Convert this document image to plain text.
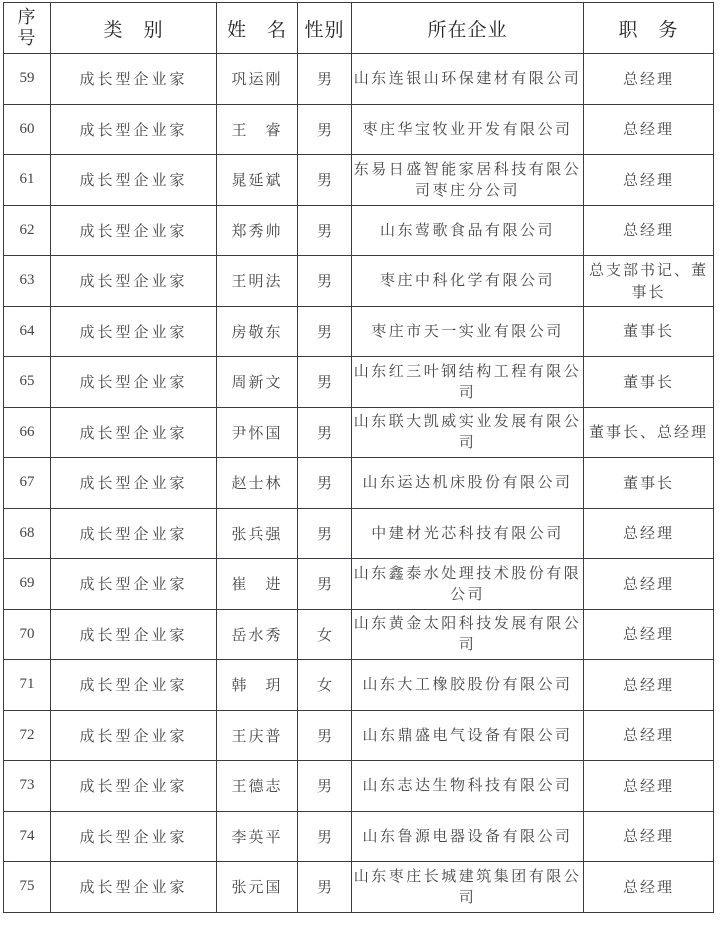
序
号	类　别	姓　名	性别	所在企业	职　务
59	成长型企业家	巩运刚	男	山东连银山环保建材有限公司	总经理
60	成长型企业家	王　睿	男	枣庄华宝牧业开发有限公司	总经理
61	成长型企业家	晁延斌	男	东易日盛智能家居科技有限公司枣庄分公司	总经理
62	成长型企业家	郑秀帅	男	山东莺歌食品有限公司	总经理
63	成长型企业家	王明法	男	枣庄中科化学有限公司	总支部书记、董事长
64	成长型企业家	房敬东	男	枣庄市天一实业有限公司	董事长
65	成长型企业家	周新文	男	山东红三叶钢结构工程有限公司	董事长
66	成长型企业家	尹怀国	男	山东联大凯威实业发展有限公司	董事长、总经理
67	成长型企业家	赵士林	男	山东运达机床股份有限公司	董事长
68	成长型企业家	张兵强	男	中建材光芯科技有限公司	总经理
69	成长型企业家	崔　进	男	山东鑫泰水处理技术股份有限公司	总经理
70	成长型企业家	岳水秀	女	山东黄金太阳科技发展有限公司	总经理
71	成长型企业家	韩　玥	女	山东大工橡胶股份有限公司	总经理
72	成长型企业家	王庆普	男	山东鼎盛电气设备有限公司	总经理
73	成长型企业家	王德志	男	山东志达生物科技有限公司	总经理
74	成长型企业家	李英平	男	山东鲁源电器设备有限公司	总经理
75	成长型企业家	张元国	男	山东枣庄长城建筑集团有限公司	总经理
